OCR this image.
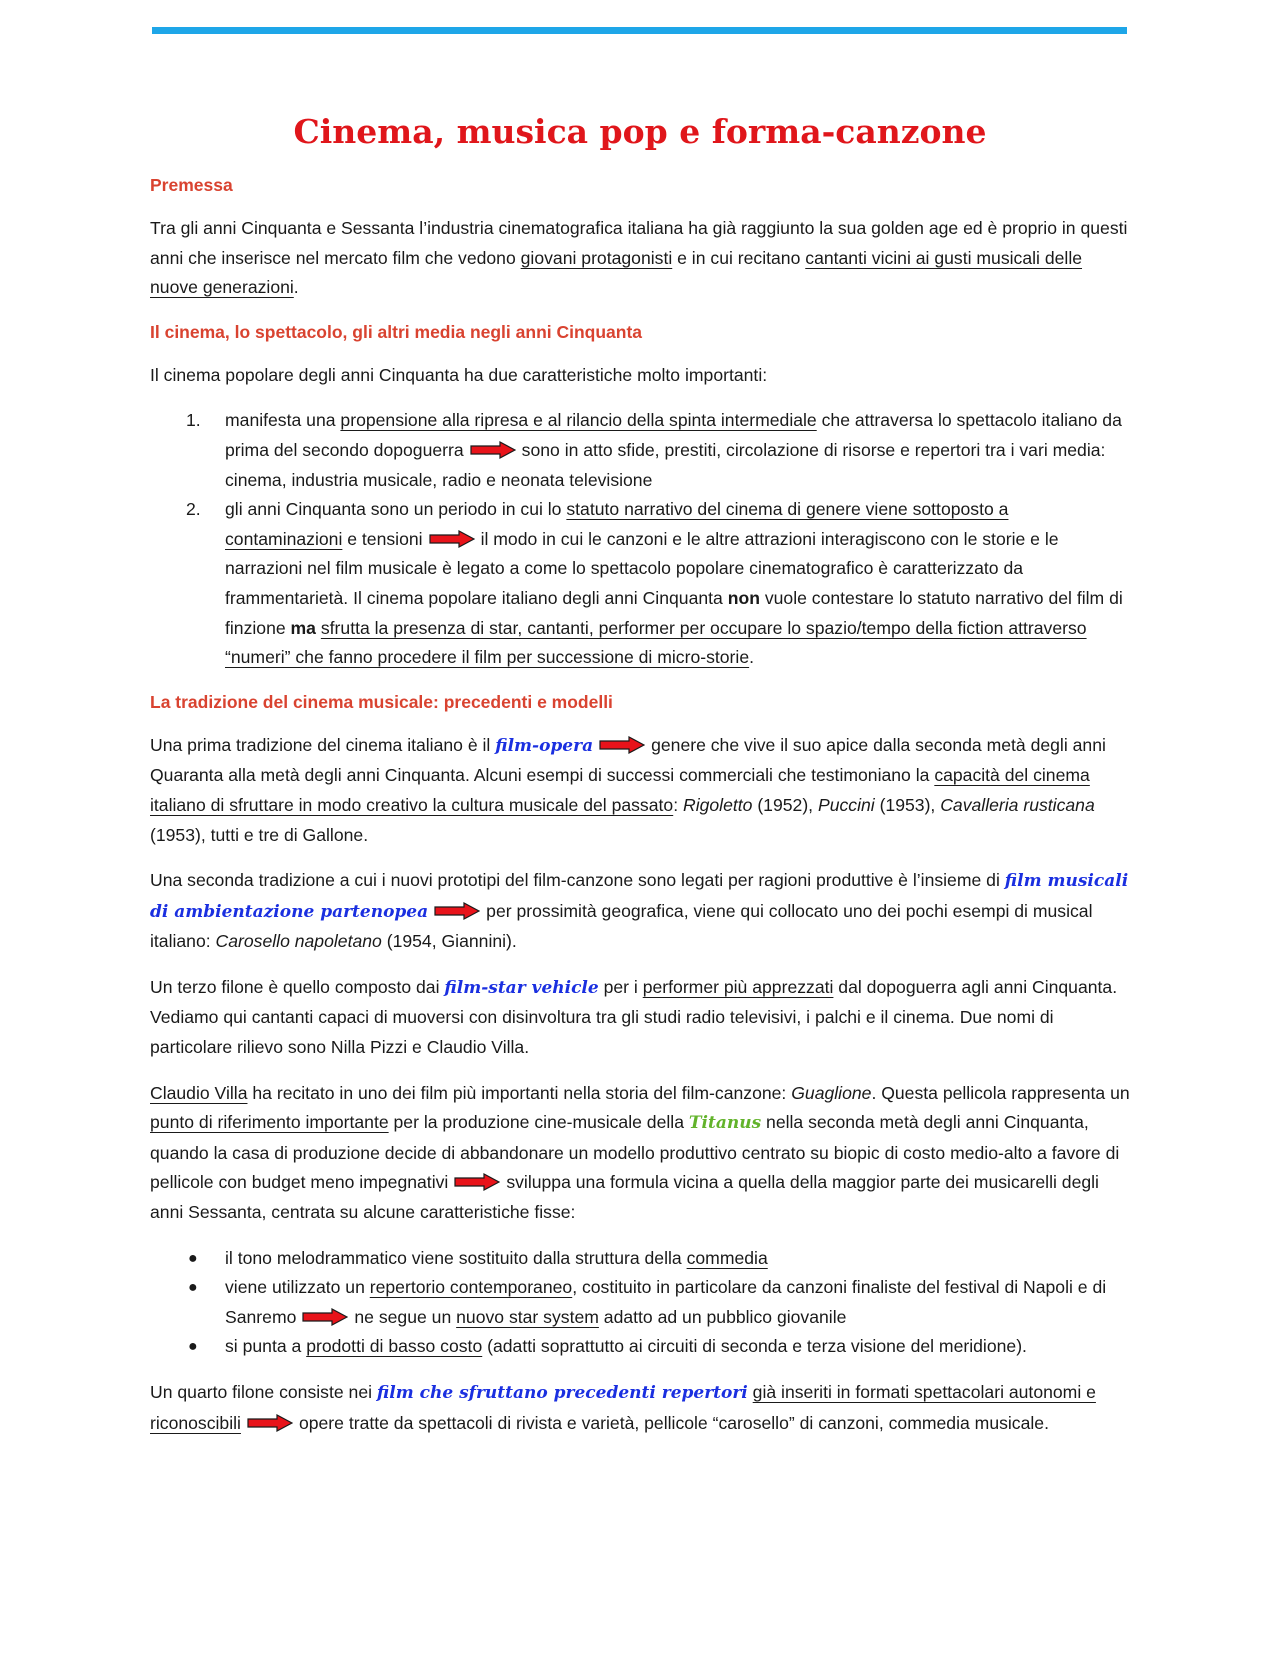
Cinema, musica pop e forma-canzone
Premessa

Tra gli anni Cinquanta e Sessanta l’industria cinematografica italiana ha già raggiunto la sua golden age ed è proprio in questi anni che inserisce nel mercato film che vedono giovani protagonisti e in cui recitano cantanti vicini ai gusti musicali delle nuove generazioni.

Il cinema, lo spettacolo, gli altri media negli anni Cinquanta

Il cinema popolare degli anni Cinquanta ha due caratteristiche molto importanti:

1. manifesta una propensione alla ripresa e al rilancio della spinta intermediale che attraversa lo spettacolo italiano da prima del secondo dopoguerra	sono in atto sfide, prestiti, circolazione di risorse e repertori tra i vari media: cinema, industria musicale, radio e neonata televisione
2. gli anni Cinquanta sono un periodo in cui lo statuto narrativo del cinema di genere viene sottoposto a contaminazioni e tensioni	il modo in cui le canzoni e le altre attrazioni interagiscono con le storie e le narrazioni nel film musicale è legato a come lo spettacolo popolare cinematografico è caratterizzato da frammentarietà. Il cinema popolare italiano degli anni Cinquanta non vuole contestare lo statuto narrativo del film di finzione ma sfrutta la presenza di star, cantanti, performer per occupare lo spazio/tempo della fiction attraverso “numeri” che fanno procedere il film per successione di micro-storie.
La tradizione del cinema musicale: precedenti e modelli

Una prima tradizione del cinema italiano è il film-opera	genere che vive il suo apice dalla seconda metà degli anni Quaranta alla metà degli anni Cinquanta. Alcuni esempi di successi commerciali che testimoniano la capacità del cinema italiano di sfruttare in modo creativo la cultura musicale del passato: Rigoletto (1952), Puccini (1953), Cavalleria rusticana (1953), tutti e tre di Gallone.

Una seconda tradizione a cui i nuovi prototipi del film-canzone sono legati per ragioni produttive è l’insieme di film musicali di ambientazione partenopea	per prossimità geografica, viene qui collocato uno dei pochi esempi di musical italiano: Carosello napoletano (1954, Giannini).

Un terzo filone è quello composto dai film-star vehicle per i performer più apprezzati dal dopoguerra agli anni Cinquanta. Vediamo qui cantanti capaci di muoversi con disinvoltura tra gli studi radio televisivi, i palchi e il cinema. Due nomi di particolare rilievo sono Nilla Pizzi e Claudio Villa.

Claudio Villa ha recitato in uno dei film più importanti nella storia del film-canzone: Guaglione. Questa pellicola rappresenta un punto di riferimento importante per la produzione cine-musicale della Titanus nella seconda metà degli anni Cinquanta, quando la casa di produzione decide di abbandonare un modello produttivo centrato su biopic di costo medio-alto a favore di pellicole con budget meno impegnativi	sviluppa una formula vicina a quella della maggior parte dei musicarelli degli anni Sessanta, centrata su alcune caratteristiche fisse:

● il tono melodrammatico viene sostituito dalla struttura della commedia
● viene utilizzato un repertorio contemporaneo, costituito in particolare da canzoni finaliste del festival di Napoli e di Sanremo	ne segue un nuovo star system adatto ad un pubblico giovanile
● si punta a prodotti di basso costo (adatti soprattutto ai circuiti di seconda e terza visione del meridione).

Un quarto filone consiste nei film che sfruttano precedenti repertori già inseriti in formati spettacolari autonomi e riconoscibili	opere tratte da spettacoli di rivista e varietà, pellicole “carosello” di canzoni, commedia musicale.
